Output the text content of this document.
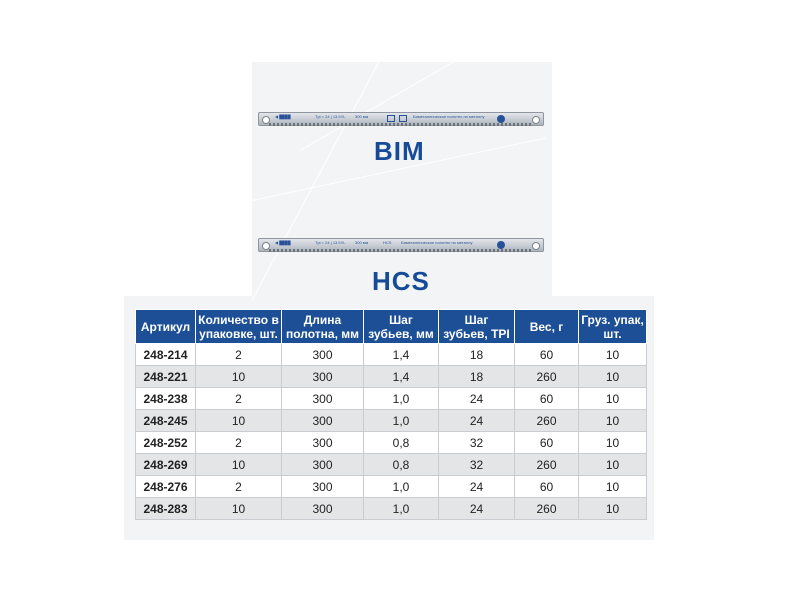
◀ ████	Tpi = 24 | 13.5YL 300 мм	Биметаллическое полотно по металлу
BIM
◀ ████	Tpi = 24 | 13.5YL 300 мм	HCS Биметаллическое полотно по металлу
HCS
Артикул	Количество в упаковке, шт.	Длина полотна, мм	Шаг зубьев, мм	Шаг зубьев, TPI	Вес, г	Груз. упак, шт.
248-214	2	300	1,4	18	60	10
248-221	10	300	1,4	18	260	10
248-238	2	300	1,0	24	60	10
248-245	10	300	1,0	24	260	10
248-252	2	300	0,8	32	60	10
248-269	10	300	0,8	32	260	10
248-276	2	300	1,0	24	60	10
248-283	10	300	1,0	24	260	10
